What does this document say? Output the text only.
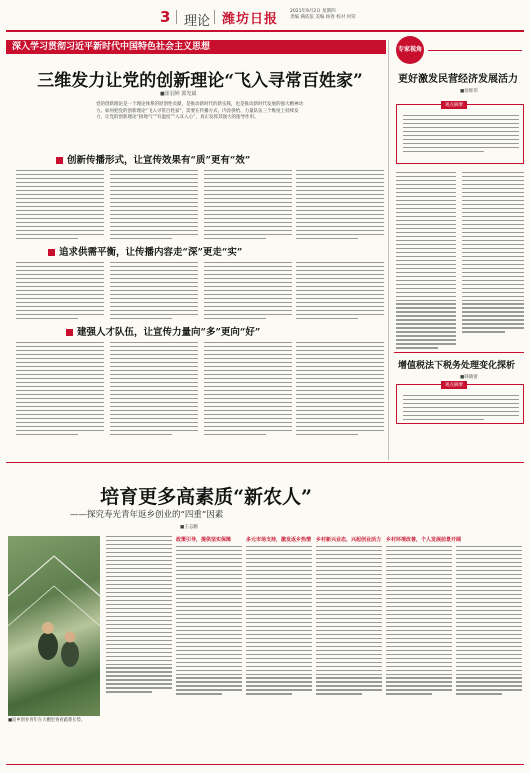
3 理论 潍坊日报
2021年9月2日 星期四
责编 满依依 美编 杨春 校对 何荣
深入学习贯彻习近平新时代中国特色社会主义思想
三维发力让党的创新理论“飞入寻常百姓家”
■崔羽婷 郭光斌
党的创新理论是一个理论体系的原创性贡献，是推动新时代的新实践，也是推动新时代发展的强大精神动力。如何把党的创新理论“飞入寻常百姓家”，需要在传播方式、内容供给、力量队伍三个维度上持续发力，让党的创新理论“接地气”“有温度”“入耳入心”，真正发挥其强大的指导作用。
创新传播形式，让宣传效果有“质”更有“效”
追求供需平衡，让传播内容走“深”更走“实”
建强人才队伍，让宣传力量向“多”更向“好”
专家视角
更好激发民营经济发展活力
■徐辉伟
观点摘要
增值税法下税务处理变化探析
■韩晓蕾
观点摘要
培育更多高素质“新农人”
——探究寿光青年返乡创业的“四重”因素
■王志鹏
■返乡创业青年在大棚里查看蔬菜长势。
政策引导，提供坚实保障	多元市场支持，激发返乡热情 乡村新兴业态，兴起创业活力 乡村环境改善，个人发展前景开阔
